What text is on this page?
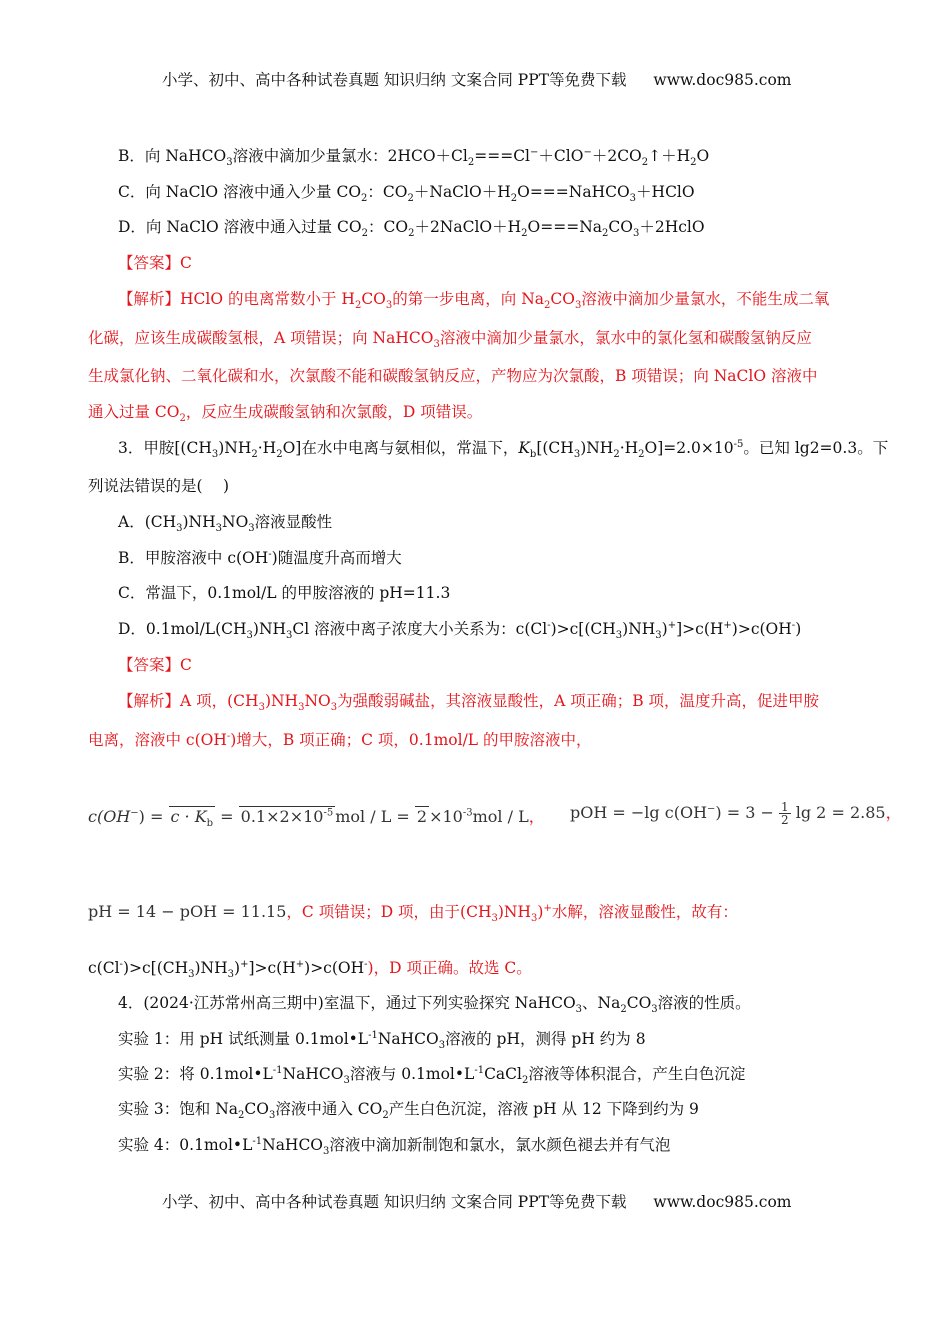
小学、初中、高中各种试卷真题 知识归纳 文案合同 PPT等免费下载 www.doc985.com
B．向 NaHCO$_3$溶液中滴加少量氯水：$2HCO+Cl_2===Cl^-+ClO^-+2CO_2↑+H_2O$
C．向 NaClO 溶液中通入少量 $CO_2$：$CO_2+NaClO+H_2O===NaHCO_3+HClO$
D．向 NaClO 溶液中通入过量 $CO_2$：$CO_2+2NaClO+H_2O===Na_2CO_3+2HclO$
【答案】C
【解析】HClO 的电离常数小于 $H_2CO_3$的第一步电离，向 $Na_2CO_3$溶液中滴加少量氯水，不能生成二氧
化碳，应该生成碳酸氢根，A 项错误；向 NaHCO$_3$溶液中滴加少量氯水，氯水中的氯化氢和碳酸氢钠反应
生成氯化钠、二氧化碳和水，次氯酸不能和碳酸氢钠反应，产物应为次氯酸，B 项错误；向 NaClO 溶液中
通入过量 $CO_2$，反应生成碳酸氢钠和次氯酸，D 项错误。
3．甲胺$[(CH_3)NH_2\cdot H_2O]$在水中电离与氨相似，常温下，$K_b[(CH_3)NH_2\cdot H_2O]=2.0\times 10^{-5}$。已知 lg2=0.3。下
列说法错误的是(　 )
A．$(CH_3)NH_3NO_3$溶液显酸性
B．甲胺溶液中 c(OH-)随温度升高而增大
C．常温下，0.1mol/L 的甲胺溶液的 pH=11.3
D．$0.1mol/L(CH_3)NH_3Cl$ 溶液中离子浓度大小关系为：$c(Cl^-)>c[(CH_3)NH_3)^+]>c(H^+)>c(OH^-)$
【答案】C
【解析】A 项，$(CH_3)NH_3NO_3$为强酸弱碱盐，其溶液显酸性，A 项正确；B 项，温度升高，促进甲胺
电离，溶液中 c(OH-)增大，B 项正确；C 项，0.1mol/L 的甲胺溶液中，
$c(OH^-) = c \cdot K_b = 0.1\times 2\times 10^{-5}$ mol / $L = 2 \times 10^{-3}mol / L$， pOH = −lg $c(OH^-) = 3 - \frac{1}{2}$ lg 2 = 2.85，
pH = 14 − pOH = 11.15，C 项错误；D 项，由于$(CH_3)NH_3)^+$水解，溶液显酸性，故有：
$c(Cl^-)>c[(CH_3)NH_3)^+]>c(H^+)>c(OH^-)$，D 项正确。故选 C。
4．(2024·江苏常州高三期中)室温下，通过下列实验探究 NaHCO$_3$、$Na_2CO_3$溶液的性质。
实验 1：用 pH 试纸测量 $0.1mol•L^{-1}NaHCO_3$溶液的 pH，测得 pH 约为 8
实验 2：将 $0.1mol•L^{-1}NaHCO_3$溶液与 $0.1mol•L^{-1}CaCl_2$溶液等体积混合，产生白色沉淀
实验 3：饱和 $Na_2CO_3$溶液中通入 $CO_2$产生白色沉淀，溶液 pH 从 12 下降到约为 9
实验 4：$0.1mol•L^{-1}NaHCO_3$溶液中滴加新制饱和氯水，氯水颜色褪去并有气泡
小学、初中、高中各种试卷真题 知识归纳 文案合同 PPT等免费下载 www.doc985.com
